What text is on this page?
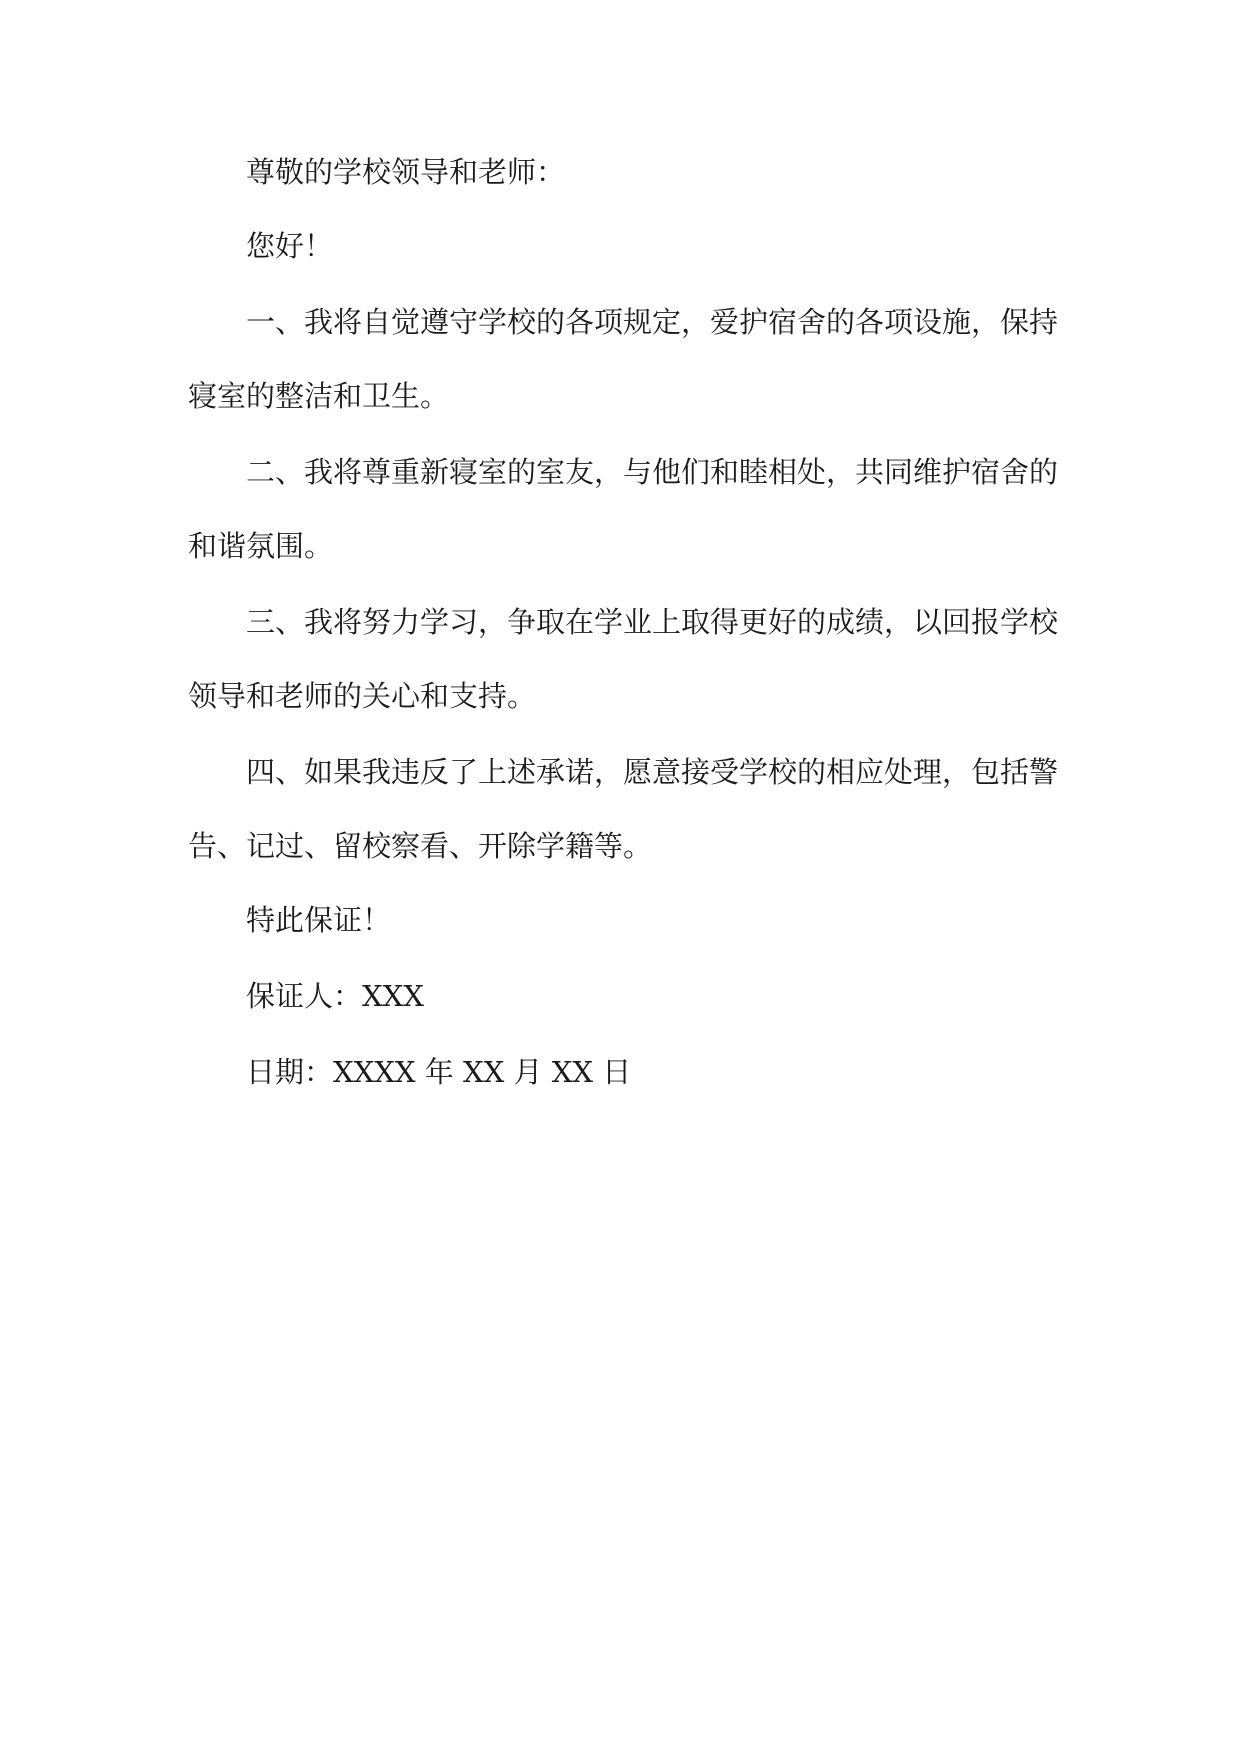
尊敬的学校领导和老师：
您好！
一、我将自觉遵守学校的各项规定，爱护宿舍的各项设施，保持
寝室的整洁和卫生。
二、我将尊重新寝室的室友，与他们和睦相处，共同维护宿舍的
和谐氛围。
三、我将努力学习，争取在学业上取得更好的成绩，以回报学校
领导和老师的关心和支持。
四、如果我违反了上述承诺，愿意接受学校的相应处理，包括警
告、记过、留校察看、开除学籍等。
特此保证！
保证人：XXX
日期：XXXX 年 XX 月 XX 日
